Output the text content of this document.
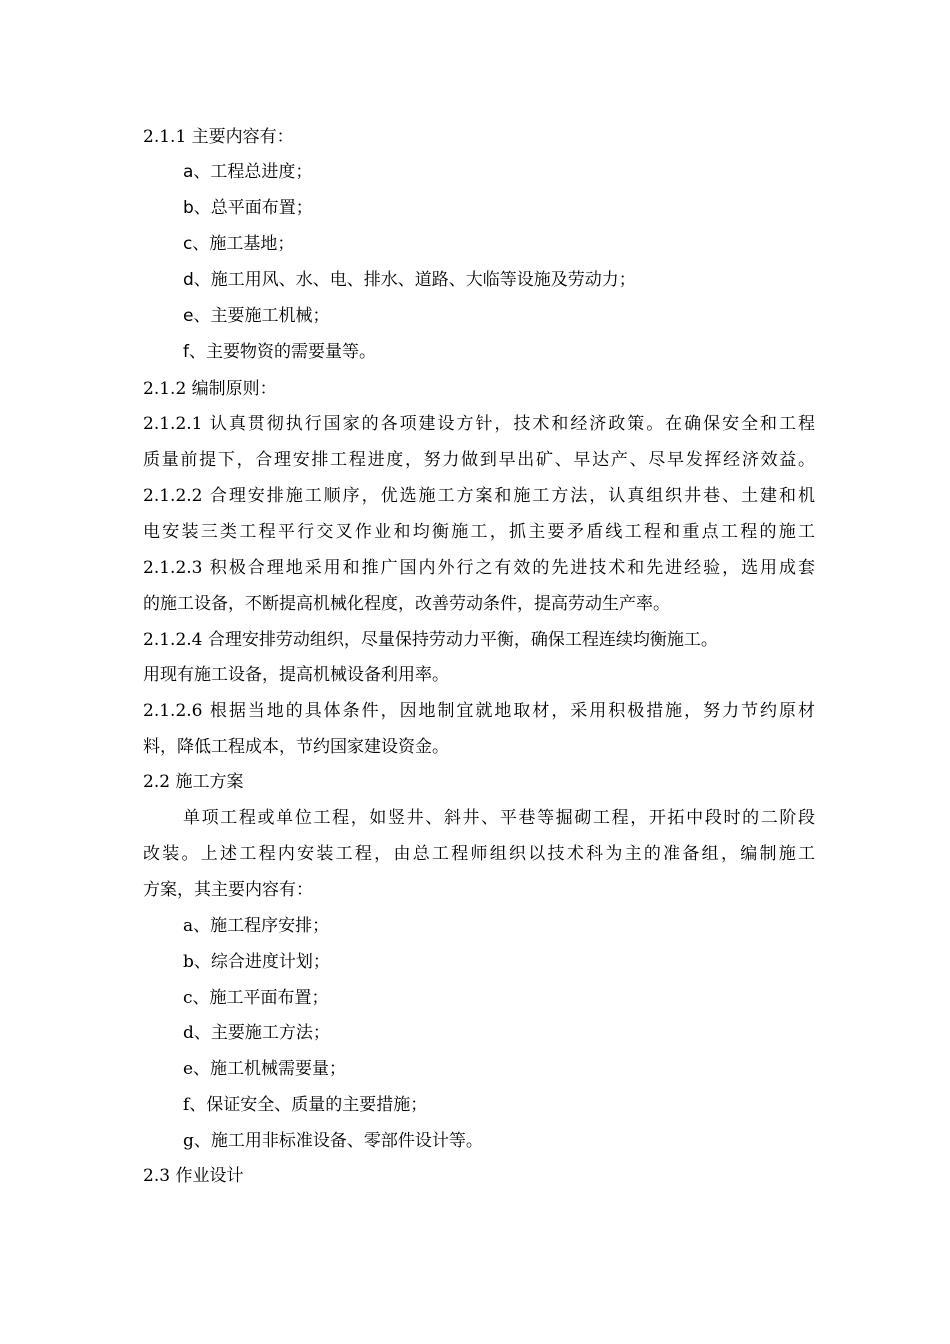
2.1.1 主要内容有：
a、工程总进度；
b、总平面布置；
c、施工基地；
d、施工用风、水、电、排水、道路、大临等设施及劳动力；
e、主要施工机械；
f、主要物资的需要量等。
2.1.2 编制原则：
2.1.2.1 认真贯彻执行国家的各项建设方针，技术和经济政策。在确保安全和工程
质量前提下，合理安排工程进度，努力做到早出矿、早达产、尽早发挥经济效益。
2.1.2.2 合理安排施工顺序，优选施工方案和施工方法，认真组织井巷、土建和机
电安装三类工程平行交叉作业和均衡施工，抓主要矛盾线工程和重点工程的施工
2.1.2.3 积极合理地采用和推广国内外行之有效的先进技术和先进经验，选用成套
的施工设备，不断提高机械化程度，改善劳动条件，提高劳动生产率。
2.1.2.4 合理安排劳动组织，尽量保持劳动力平衡，确保工程连续均衡施工。
用现有施工设备，提高机械设备利用率。
2.1.2.6 根据当地的具体条件，因地制宜就地取材，采用积极措施，努力节约原材
料，降低工程成本，节约国家建设资金。
2.2 施工方案
单项工程或单位工程，如竖井、斜井、平巷等掘砌工程，开拓中段时的二阶段
改装。上述工程内安装工程，由总工程师组织以技术科为主的准备组，编制施工
方案，其主要内容有：
a、施工程序安排；
b、综合进度计划；
c、施工平面布置；
d、主要施工方法；
e、施工机械需要量；
f、保证安全、质量的主要措施；
g、施工用非标准设备、零部件设计等。
2.3 作业设计
